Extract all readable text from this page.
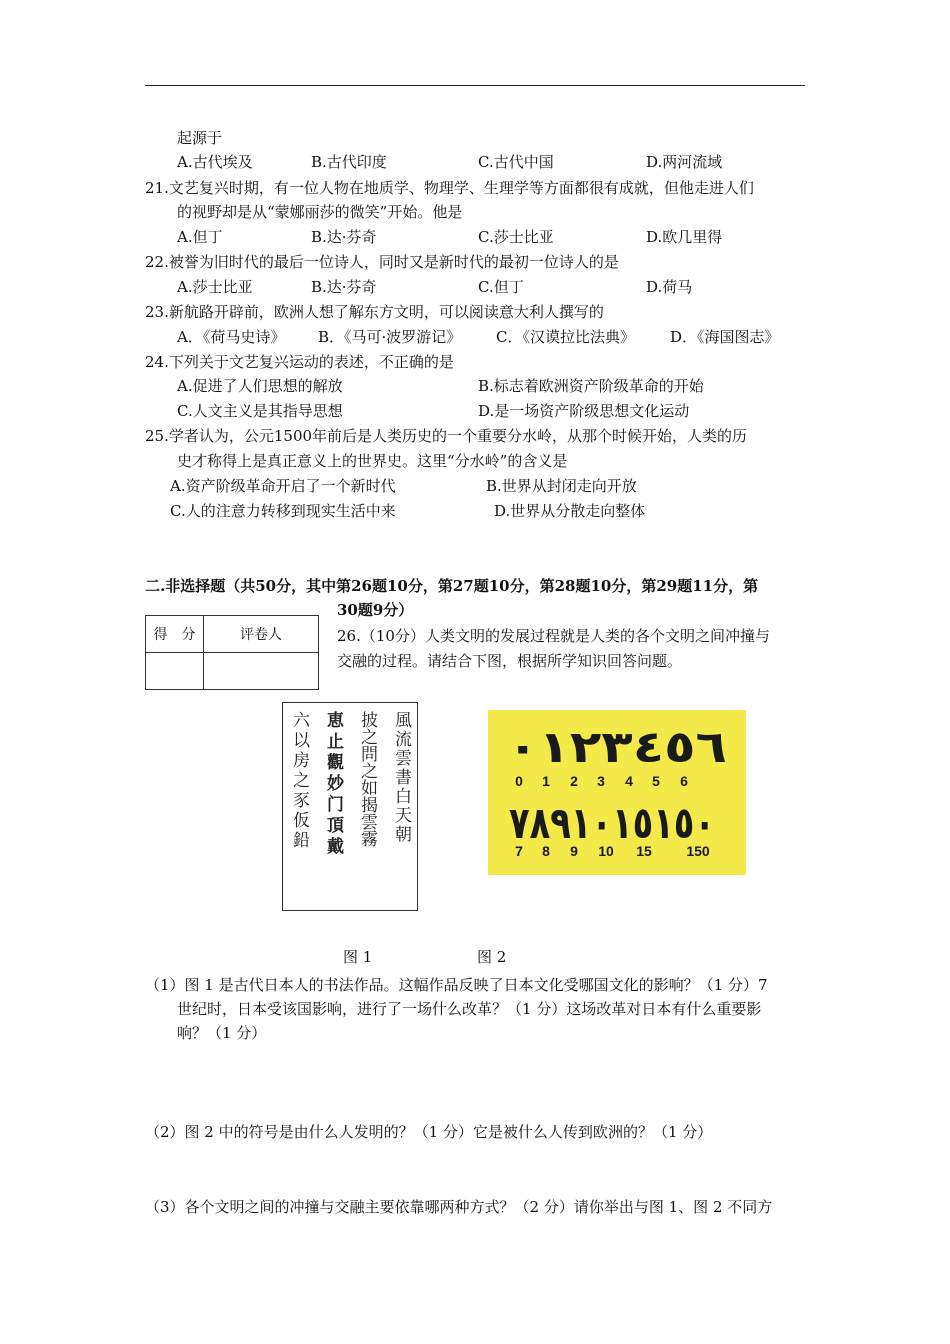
起源于
A.古代埃及	B.古代印度	C.古代中国	D.两河流域
21.文艺复兴时期，有一位人物在地质学、物理学、生理学等方面都很有成就，但他走进人们
的视野却是从“蒙娜丽莎的微笑”开始。他是
A.但丁	B.达·芬奇	C.莎士比亚	D.欧几里得
22.被誉为旧时代的最后一位诗人，同时又是新时代的最初一位诗人的是
A.莎士比亚	B.达·芬奇	C.但丁	D.荷马
23.新航路开辟前，欧洲人想了解东方文明，可以阅读意大利人撰写的
A．《荷马史诗》 B．《马可·波罗游记》 C．《汉谟拉比法典》 D．《海国图志》
24.下列关于文艺复兴运动的表述，不正确的是
A.促进了人们思想的解放	B.标志着欧洲资产阶级革命的开始
C.人文主义是其指导思想	D.是一场资产阶级思想文化运动
25.学者认为，公元1500年前后是人类历史的一个重要分水岭，从那个时候开始，人类的历
史才称得上是真正意义上的世界史。这里“分水岭”的含义是
A.资产阶级革命开启了一个新时代	B.世界从封闭走向开放
C.人的注意力转移到现实生活中来	D.世界从分散走向整体
二.非选择题（共50分，其中第26题10分，第27题10分，第28题10分，第29题11分，第
30题9分）
得　分	评卷人
		26.（10分）人类文明的发展过程就是人类的各个文明之间冲撞与
交融的过程。请结合下图，根据所学知识回答问题。
風流雲書白天朝
披之問之如揭雲霧
恵止觀妙门頂戴
六以房之豕仮鉛	٠١٢٣٤٥٦
0 1 2 3 4 5 6
٧٨٩١٠١٥١٥٠
7 8 9 10 15 150
图 1	图 2
（1）图 1 是古代日本人的书法作品。这幅作品反映了日本文化受哪国文化的影响？（1 分）7
世纪时，日本受该国影响，进行了一场什么改革？（1 分）这场改革对日本有什么重要影
响？（1 分）
（2）图 2 中的符号是由什么人发明的？（1 分）它是被什么人传到欧洲的？（1 分）
（3）各个文明之间的冲撞与交融主要依靠哪两种方式？（2 分）请你举出与图 1、图 2 不同方
